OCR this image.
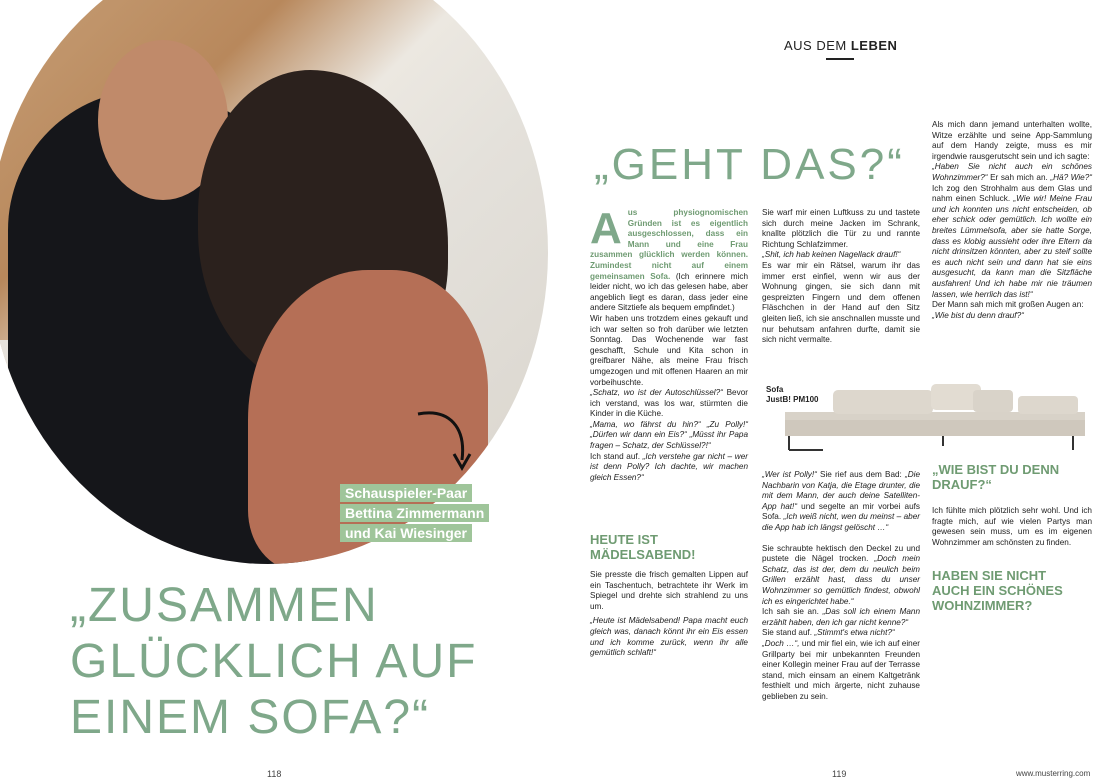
Schauspieler-Paar
Bettina Zimmermann
und Kai Wiesinger
„ZUSAMMEN
GLÜCKLICH AUF
EINEM SOFA?“
118
AUS DEM LEBEN
„GEHT DAS?“

Aus physiognomischen Gründen ist es eigentlich ausgeschlossen, dass ein Mann und eine Frau zusammen glücklich werden können. Zumindest nicht auf einem gemeinsamen Sofa. (Ich erinnere mich leider nicht, wo ich das gelesen habe, aber angeblich liegt es daran, dass jeder eine andere Sitztiefe als bequem empfindet.)

Wir haben uns trotzdem eines gekauft und ich war selten so froh darüber wie letzten Sonntag. Das Wochenende war fast geschafft, Schule und Kita schon in greifbarer Nähe, als meine Frau frisch umgezogen und mit offenen Haaren an mir vorbeihuschte.

„Schatz, wo ist der Autoschlüssel?“ Bevor ich verstand, was los war, stürmten die Kinder in die Küche.

„Mama, wo fährst du hin?“ „Zu Polly!“ „Dürfen wir dann ein Eis?“ „Müsst ihr Papa fragen – Schatz, der Schlüssel?!“

Ich stand auf. „Ich verstehe gar nicht – wer ist denn Polly? Ich dachte, wir machen gleich Essen?“

HEUTE IST MÄDELSABEND!

Sie presste die frisch gemalten Lippen auf ein Taschentuch, betrachtete ihr Werk im Spiegel und drehte sich strahlend zu uns um.

„Heute ist Mädelsabend! Papa macht euch gleich was, danach könnt ihr ein Eis essen und ich komme zurück, wenn ihr alle gemütlich schlaft!“

Sie warf mir einen Luftkuss zu und tastete sich durch meine Jacken im Schrank, knallte plötzlich die Tür zu und rannte Richtung Schlafzimmer.

„Shit, ich hab keinen Nagellack drauf!“

Es war mir ein Rätsel, warum ihr das immer erst einfiel, wenn wir aus der Wohnung gingen, sie sich dann mit gespreizten Fingern und dem offenen Fläschchen in der Hand auf den Sitz gleiten ließ, ich sie anschnallen musste und nur behutsam anfahren durfte, damit sie sich nicht vermalte.

Sofa
JustB! PM100

„Wer ist Polly!“ Sie rief aus dem Bad: „Die Nachbarin von Katja, die Etage drunter, die mit dem Mann, der auch deine Satelliten-App hat!“ und segelte an mir vorbei aufs Sofa. „Ich weiß nicht, wen du meinst – aber die App hab ich längst gelöscht …“

Sie schraubte hektisch den Deckel zu und pustete die Nägel trocken. „Doch mein Schatz, das ist der, dem du neulich beim Grillen erzählt hast, dass du unser Wohnzimmer so gemütlich findest, obwohl ich es eingerichtet habe.“

Ich sah sie an. „Das soll ich einem Mann erzählt haben, den ich gar nicht kenne?“

Sie stand auf. „Stimmt's etwa nicht?“

„Doch …“, und mir fiel ein, wie ich auf einer Grillparty bei mir unbekannten Freunden einer Kollegin meiner Frau auf der Terrasse stand, mich einsam an einem Kaltgetränk festhielt und mich ärgerte, nicht zuhause geblieben zu sein.

Als mich dann jemand unterhalten wollte, Witze erzählte und seine App-Sammlung auf dem Handy zeigte, muss es mir irgendwie rausgerutscht sein und ich sagte:

„Haben Sie nicht auch ein schönes Wohnzimmer?“ Er sah mich an. „Hä? Wie?“ Ich zog den Strohhalm aus dem Glas und nahm einen Schluck. „Wie wir! Meine Frau und ich konnten uns nicht entscheiden, ob eher schick oder gemütlich. Ich wollte ein breites Lümmelsofa, aber sie hatte Sorge, dass es klobig aussieht oder ihre Eltern da nicht drinsitzen könnten, aber zu steif sollte es auch nicht sein und dann hat sie eins ausgesucht, da kann man die Sitzfläche ausfahren! Und ich habe mir nie träumen lassen, wie herrlich das ist!“

Der Mann sah mich mit großen Augen an:

„Wie bist du denn drauf?“

„WIE BIST DU DENN DRAUF?“

Ich fühlte mich plötzlich sehr wohl. Und ich fragte mich, auf wie vielen Partys man gewesen sein muss, um es im eigenen Wohnzimmer am schönsten zu finden.

HABEN SIE NICHT AUCH EIN SCHÖNES WOHNZIMMER?
119	www.musterring.com
